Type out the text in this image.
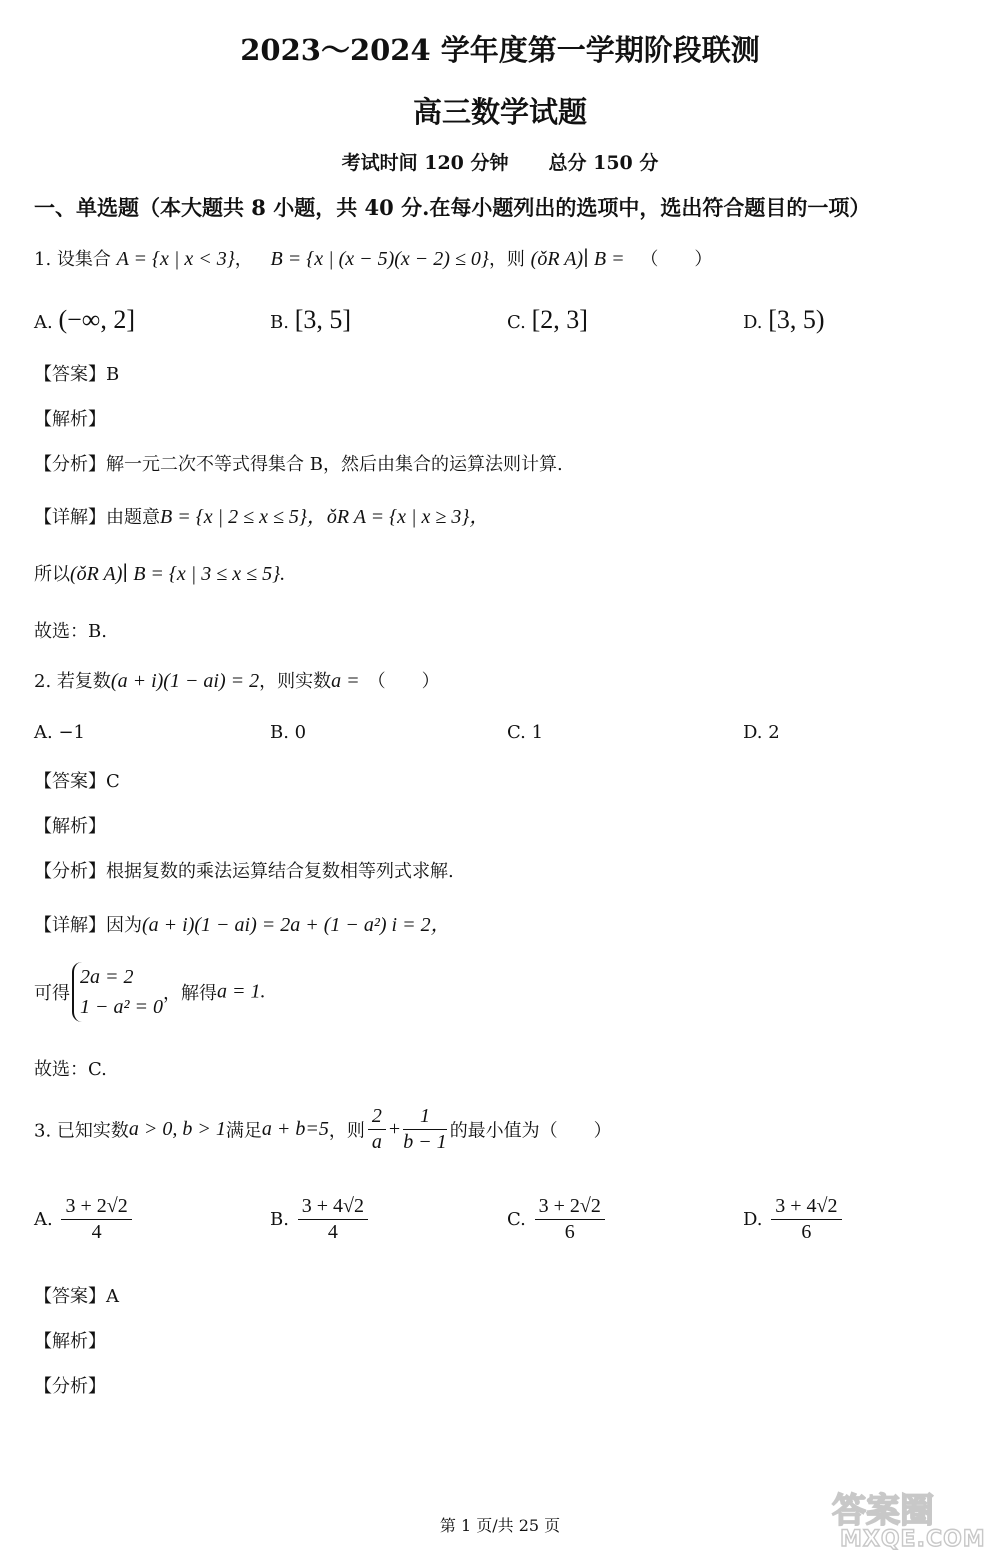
2023～2024 学年度第一学期阶段联测
高三数学试题
考试时间 120 分钟 总分 150 分
一、单选题（本大题共 8 小题，共 40 分.在每小题列出的选项中，选出符合题目的一项）
1. 设集合 A = {x | x < 3}， B = {x | (x − 5)(x − 2) ≤ 0}，则 (ǒR A)∣ B = （　　）
A. (−∞, 2]	B. [3, 5]	C. [2, 3]	D. [3, 5)
【答案】B
【解析】
【分析】解一元二次不等式得集合 B，然后由集合的运算法则计算.
【详解】由题意B = {x | 2 ≤ x ≤ 5}，ǒR A = {x | x ≥ 3}，
所以(ǒR A)∣ B = {x | 3 ≤ x ≤ 5}.
故选：B.
2. 若复数(a + i)(1 − ai) = 2，则实数a = （　　）
A. −1	B. 0	C. 1	D. 2
【答案】C
【解析】
【分析】根据复数的乘法运算结合复数相等列式求解.
【详解】因为(a + i)(1 − ai) = 2a + (1 − a²) i = 2，
可得
2a = 2
1 − a² = 0
，解得a = 1.
故选：C.
3. 已知实数a > 0, b > 1满足a + b=5，则 $\frac{2}{a} + \frac{1}{b - 1}$ 的最小值为（　　）
A. $\frac{3 + 2√2}{4}$	B. $\frac{3 + 4√2}{4}$	C. $\frac{3 + 2√2}{6}$	D. $\frac{3 + 4√2}{6}$
【答案】A
【解析】
【分析】
第 1 页/共 25 页	答案圈
MXQE.COM
